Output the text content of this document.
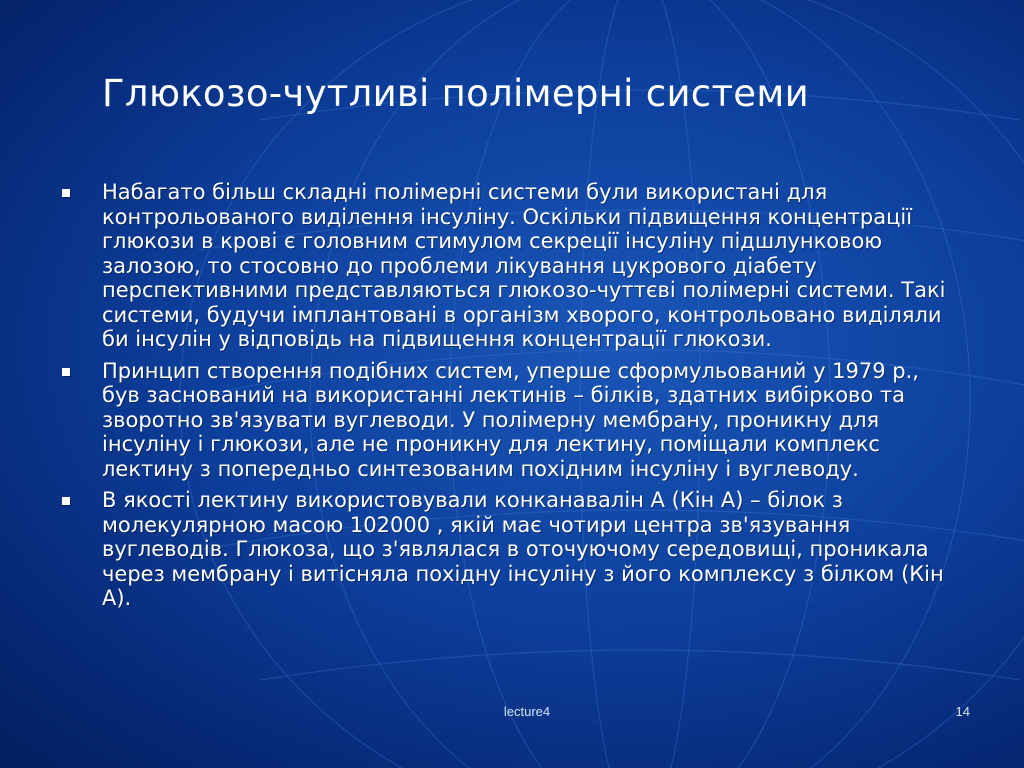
Глюкозо-чутливі полімерні системи
Набагато більш складні полімерні системи були використані для контрольованого виділення інсуліну. Оскільки підвищення концентрації глюкози в крові є головним стимулом секреції інсуліну підшлунковою залозою, то стосовно до проблеми лікування цукрового діабету перспективними представляються глюкозо-чуттєві полімерні системи. Такі системи, будучи імплантовані в організм хворого, контрольовано виділяли би інсулін у відповідь на підвищення концентрації глюкози.
Принцип створення подібних систем, уперше сформульований у 1979 р., був заснований на використанні лектинів – білків, здатних вибірково та зворотно зв'язувати вуглеводи. У полімерну мембрану, проникну для інсуліну і глюкози, але не проникну для лектину, поміщали комплекс лектину з попередньо синтезованим похідним інсуліну і вуглеводу.
В якості лектину використовували конканавалін А (Кін А) – білок з молекулярною масою 102000 , якій має чотири центра зв'язування вуглеводів. Глюкоза, що з'являлася в оточуючому середовищі, проникала через мембрану і витісняла похідну інсуліну з його комплексу з білком (Кін А).
lecture4	14
